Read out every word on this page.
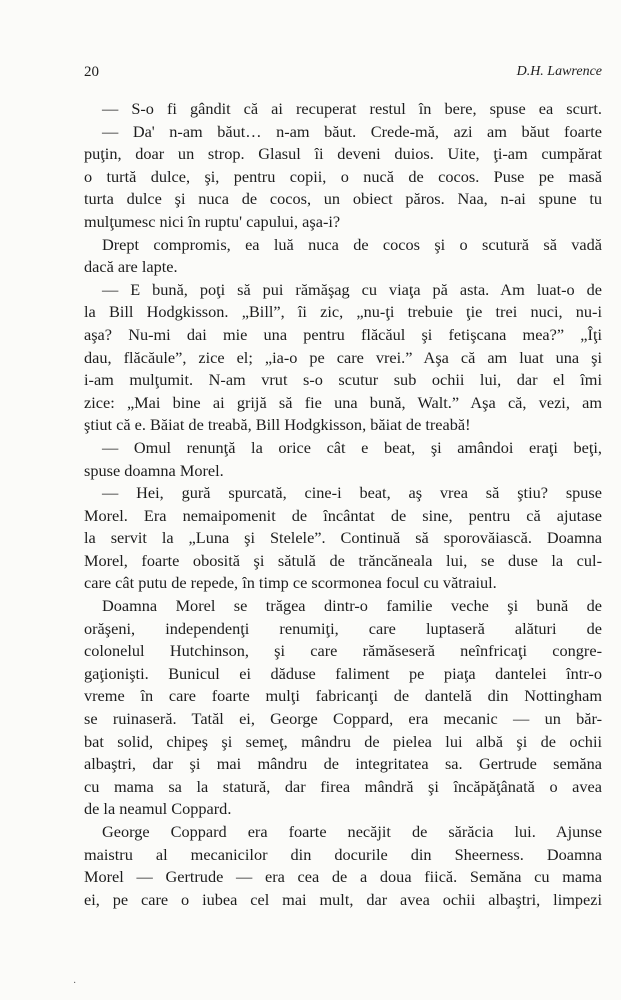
20	D.H. Lawrence
— S-o fi gândit că ai recuperat restul în bere, spuse ea scurt.
— Da' n-am băut… n-am băut. Crede-mă, azi am băut foarte
puţin, doar un strop. Glasul îi deveni duios. Uite, ţi-am cumpărat
o turtă dulce, şi, pentru copii, o nucă de cocos. Puse pe masă
turta dulce şi nuca de cocos, un obiect păros. Naa, n-ai spune tu
mulţumesc nici în ruptu' capului, aşa-i?
Drept compromis, ea luă nuca de cocos şi o scutură să vadă
dacă are lapte.
— E bună, poţi să pui rămăşag cu viaţa pă asta. Am luat-o de
la Bill Hodgkisson. „Bill”, îi zic, „nu-ţi trebuie ţie trei nuci, nu-i
aşa? Nu-mi dai mie una pentru flăcăul şi fetişcana mea?” „Îţi
dau, flăcăule”, zice el; „ia-o pe care vrei.” Aşa că am luat una şi
i-am mulţumit. N-am vrut s-o scutur sub ochii lui, dar el îmi
zice: „Mai bine ai grijă să fie una bună, Walt.” Aşa că, vezi, am
ştiut că e. Băiat de treabă, Bill Hodgkisson, băiat de treabă!
— Omul renunţă la orice cât e beat, şi amândoi eraţi beţi,
spuse doamna Morel.
— Hei, gură spurcată, cine-i beat, aş vrea să ştiu? spuse
Morel. Era nemaipomenit de încântat de sine, pentru că ajutase
la servit la „Luna şi Stelele”. Continuă să sporovăiască. Doamna
Morel, foarte obosită şi sătulă de trăncăneala lui, se duse la cul-
care cât putu de repede, în timp ce scormonea focul cu vătraiul.
Doamna Morel se trăgea dintr-o familie veche şi bună de
orăşeni, independenţi renumiţi, care luptaseră alături de
colonelul Hutchinson, şi care rămăseseră neînfricaţi congre-
gaţionişti. Bunicul ei dăduse faliment pe piaţa dantelei într-o
vreme în care foarte mulţi fabricanţi de dantelă din Nottingham
se ruinaseră. Tatăl ei, George Coppard, era mecanic — un băr-
bat solid, chipeş şi semeţ, mândru de pielea lui albă şi de ochii
albaştri, dar şi mai mândru de integritatea sa. Gertrude semăna
cu mama sa la statură, dar firea mândră şi încăpăţânată o avea
de la neamul Coppard.
George Coppard era foarte necăjit de sărăcia lui. Ajunse
maistru al mecanicilor din docurile din Sheerness. Doamna
Morel — Gertrude — era cea de a doua fiică. Semăna cu mama
ei, pe care o iubea cel mai mult, dar avea ochii albaştri, limpezi
·
